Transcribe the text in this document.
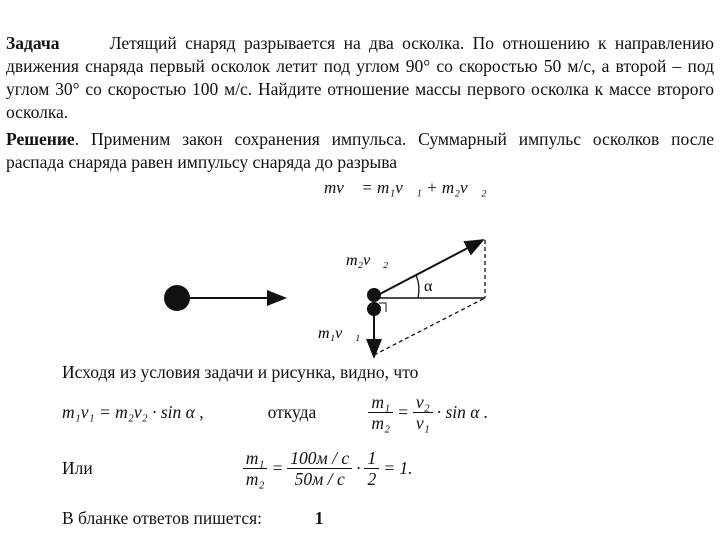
Задача	Летящий снаряд разрывается на два осколка. По отношению к направлению движения снаряда первый осколок летит под углом 90° со скоростью 50 м/с, а второй – под углом 30° со скоростью 100 м/с. Найдите отношение массы первого осколка к массе второго осколка.
Решение. Применим закон сохранения импульса. Суммарный импульс осколков после распада снаряда равен импульсу снаряда до разрыва
mv⃗ = m₁v⃗₁ + m₂v⃗₂
m₂v⃗₂
m₁v⃗₁
α
Исходя из условия задачи и рисунка, видно, что
m₁v₁ = m₂v₂ · sin α ,	откуда	$\frac{\text{m₁}}{\text{m₂}} = \frac{\text{v₂}}{\text{v₁}} \cdot \sin \alpha$ .
Или	$\frac{\text{m₁}}{\text{m₂}} = \frac{100м / с}{50м / с} \cdot \frac{1}{2} = 1$.
В бланке ответов пишется:	1
